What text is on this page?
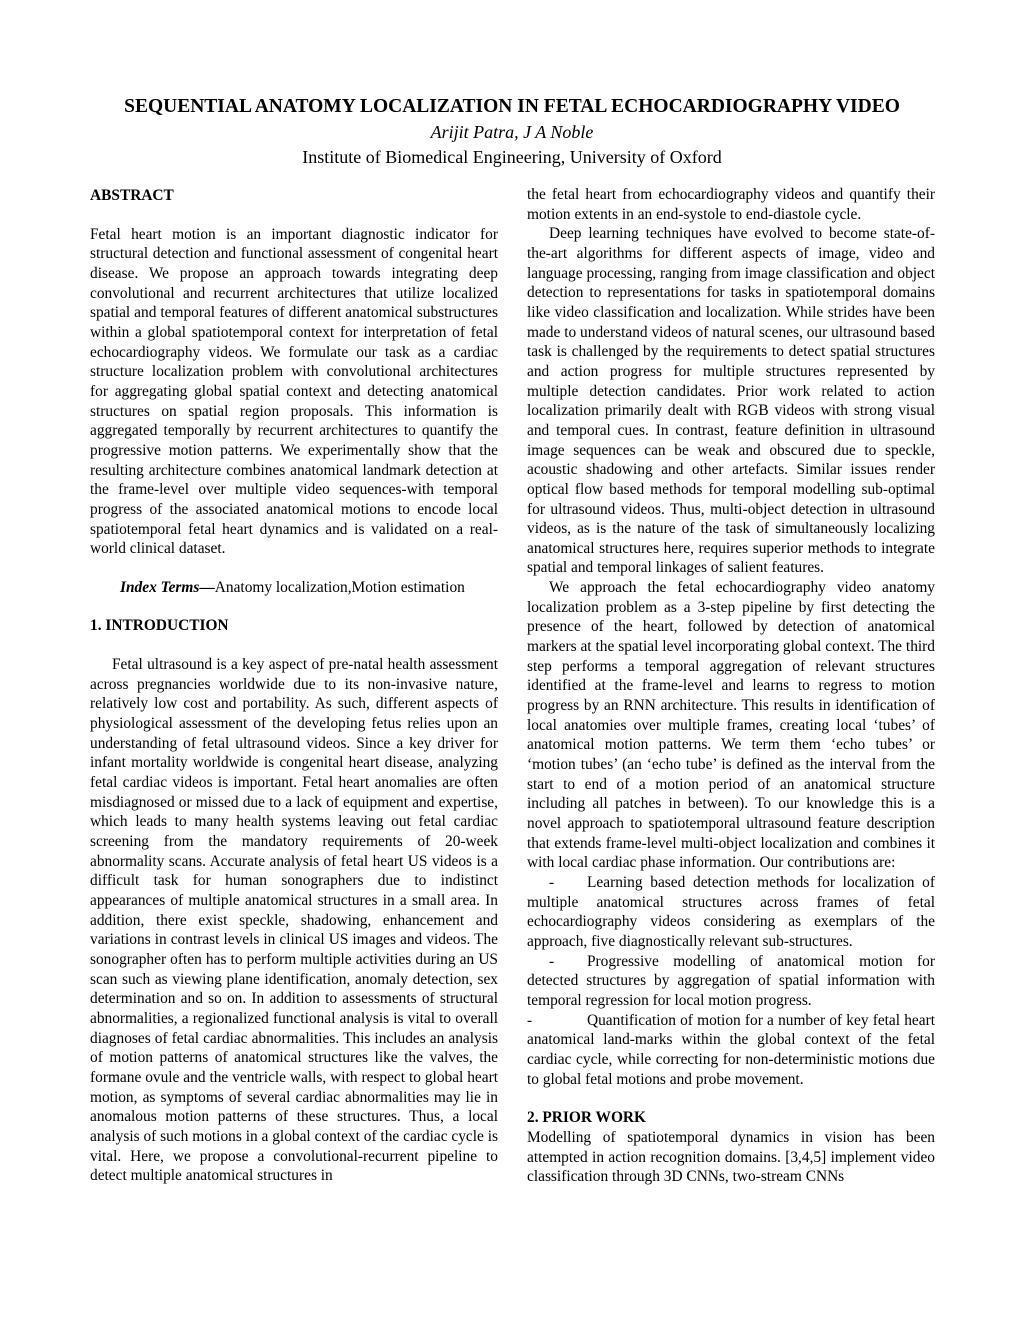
SEQUENTIAL ANATOMY LOCALIZATION IN FETAL ECHOCARDIOGRAPHY VIDEO
Arijit Patra, J A Noble
Institute of Biomedical Engineering, University of Oxford

ABSTRACT

Fetal heart motion is an important diagnostic indicator for structural detection and functional assessment of congenital heart disease. We propose an approach towards integrating deep convolutional and recurrent architectures that utilize localized spatial and temporal features of different anatomical substructures within a global spatiotemporal context for interpretation of fetal echocardiography videos. We formulate our task as a cardiac structure localization problem with convolutional architectures for aggregating global spatial context and detecting anatomical structures on spatial region proposals. This information is aggregated temporally by recurrent architectures to quantify the progressive motion patterns. We experimentally show that the resulting architecture combines anatomical landmark detection at the frame-level over multiple video sequences-with temporal progress of the associated anatomical motions to encode local spatiotemporal fetal heart dynamics and is validated on a real-world clinical dataset.

Index Terms—Anatomy localization,Motion estimation

1. INTRODUCTION

Fetal ultrasound is a key aspect of pre-natal health assessment across pregnancies worldwide due to its non-invasive nature, relatively low cost and portability. As such, different aspects of physiological assessment of the developing fetus relies upon an understanding of fetal ultrasound videos. Since a key driver for infant mortality worldwide is congenital heart disease, analyzing fetal cardiac videos is important. Fetal heart anomalies are often misdiagnosed or missed due to a lack of equipment and expertise, which leads to many health systems leaving out fetal cardiac screening from the mandatory requirements of 20-week abnormality scans. Accurate analysis of fetal heart US videos is a difficult task for human sonographers due to indistinct appearances of multiple anatomical structures in a small area. In addition, there exist speckle, shadowing, enhancement and variations in contrast levels in clinical US images and videos. The sonographer often has to perform multiple activities during an US scan such as viewing plane identification, anomaly detection, sex determination and so on. In addition to assessments of structural abnormalities, a regionalized functional analysis is vital to overall diagnoses of fetal cardiac abnormalities. This includes an analysis of motion patterns of anatomical structures like the valves, the formane ovule and the ventricle walls, with respect to global heart motion, as symptoms of several cardiac abnormalities may lie in anomalous motion patterns of these structures. Thus, a local analysis of such motions in a global context of the cardiac cycle is vital. Here, we propose a convolutional-recurrent pipeline to detect multiple anatomical structures in

the fetal heart from echocardiography videos and quantify their motion extents in an end-systole to end-diastole cycle.

Deep learning techniques have evolved to become state-of-the-art algorithms for different aspects of image, video and language processing, ranging from image classification and object detection to representations for tasks in spatiotemporal domains like video classification and localization. While strides have been made to understand videos of natural scenes, our ultrasound based task is challenged by the requirements to detect spatial structures and action progress for multiple structures represented by multiple detection candidates. Prior work related to action localization primarily dealt with RGB videos with strong visual and temporal cues. In contrast, feature definition in ultrasound image sequences can be weak and obscured due to speckle, acoustic shadowing and other artefacts. Similar issues render optical flow based methods for temporal modelling sub-optimal for ultrasound videos. Thus, multi-object detection in ultrasound videos, as is the nature of the task of simultaneously localizing anatomical structures here, requires superior methods to integrate spatial and temporal linkages of salient features.

We approach the fetal echocardiography video anatomy localization problem as a 3-step pipeline by first detecting the presence of the heart, followed by detection of anatomical markers at the spatial level incorporating global context. The third step performs a temporal aggregation of relevant structures identified at the frame-level and learns to regress to motion progress by an RNN architecture. This results in identification of local anatomies over multiple frames, creating local ‘tubes’ of anatomical motion patterns. We term them ‘echo tubes’ or ‘motion tubes’ (an ‘echo tube’ is defined as the interval from the start to end of a motion period of an anatomical structure including all patches in between). To our knowledge this is a novel approach to spatiotemporal ultrasound feature description that extends frame-level multi-object localization and combines it with local cardiac phase information. Our contributions are:

- Learning based detection methods for localization of multiple anatomical structures across frames of fetal echocardiography videos considering as exemplars of the approach, five diagnostically relevant sub-structures.

- Progressive modelling of anatomical motion for detected structures by aggregation of spatial information with temporal regression for local motion progress.

-	Quantification of motion for a number of key fetal heart anatomical land-marks within the global context of the fetal cardiac cycle, while correcting for non-deterministic motions due to global fetal motions and probe movement.

2. PRIOR WORK

Modelling of spatiotemporal dynamics in vision has been attempted in action recognition domains. [3,4,5] implement video classification through 3D CNNs, two-stream CNNs
